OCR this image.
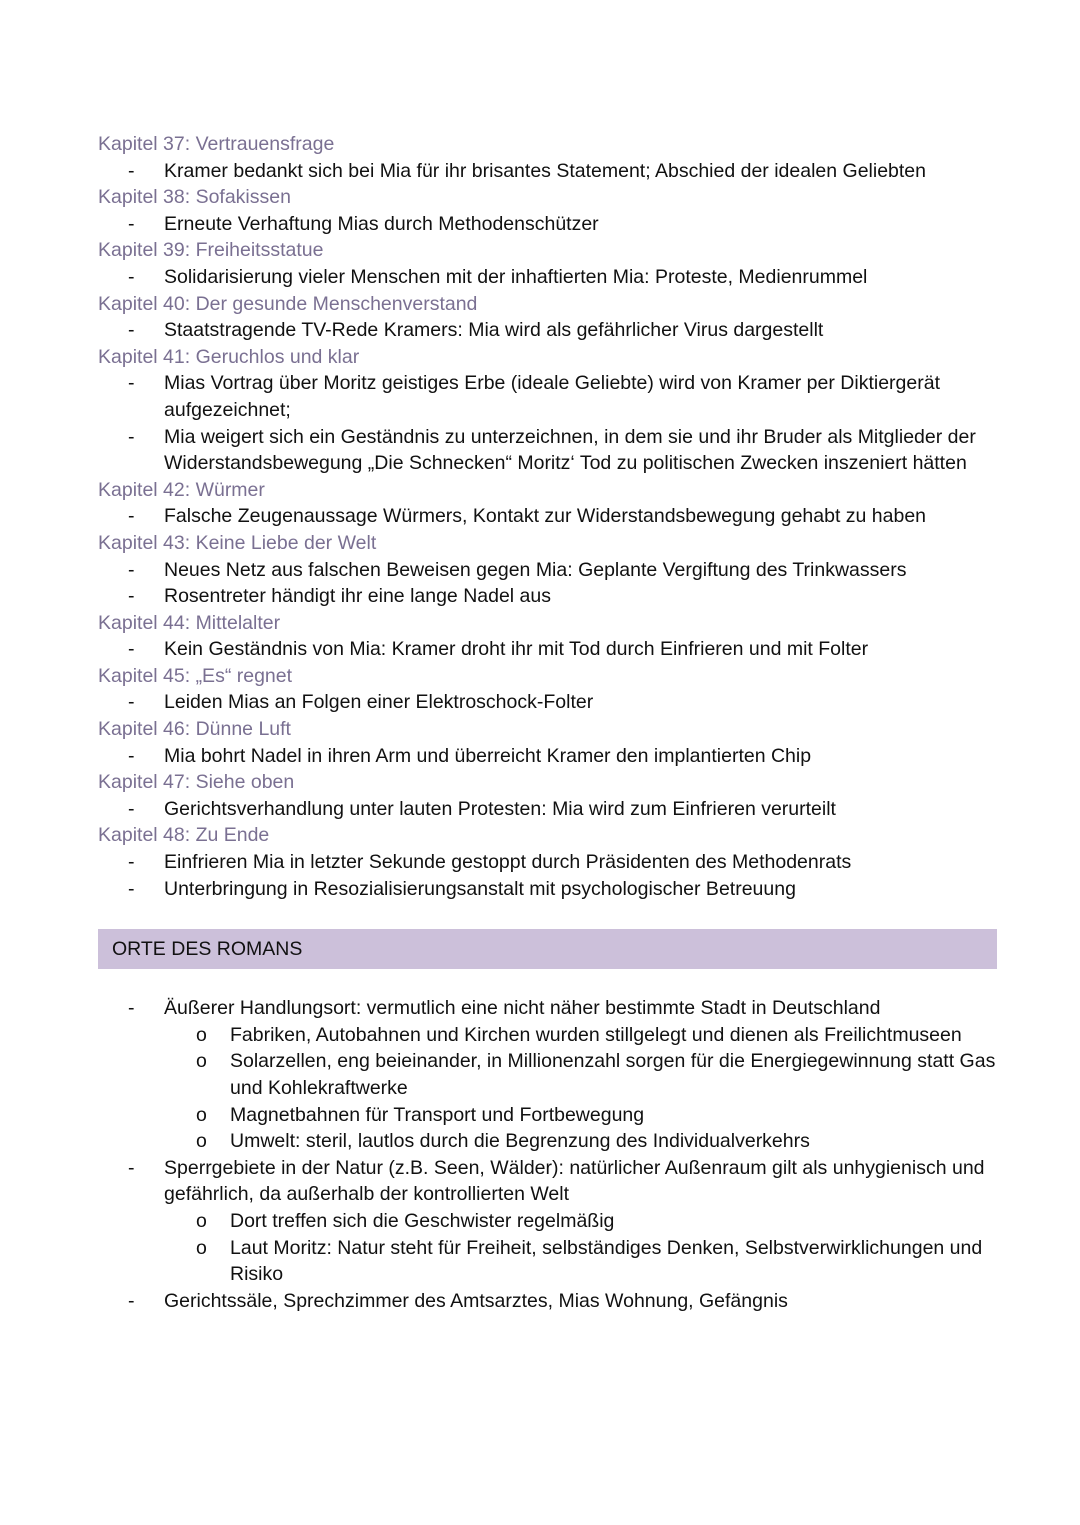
Kapitel 37: Vertrauensfrage
- Kramer bedankt sich bei Mia für ihr brisantes Statement; Abschied der idealen Geliebten
Kapitel 38: Sofakissen
- Erneute Verhaftung Mias durch Methodenschützer
Kapitel 39: Freiheitsstatue
- Solidarisierung vieler Menschen mit der inhaftierten Mia: Proteste, Medienrummel
Kapitel 40: Der gesunde Menschenverstand
- Staatstragende TV-Rede Kramers: Mia wird als gefährlicher Virus dargestellt
Kapitel 41: Geruchlos und klar
- Mias Vortrag über Moritz geistiges Erbe (ideale Geliebte) wird von Kramer per Diktiergerät aufgezeichnet;
- Mia weigert sich ein Geständnis zu unterzeichnen, in dem sie und ihr Bruder als Mitglieder der Widerstandsbewegung „Die Schnecken“ Moritz‘ Tod zu politischen Zwecken inszeniert hätten
Kapitel 42: Würmer
- Falsche Zeugenaussage Würmers, Kontakt zur Widerstandsbewegung gehabt zu haben
Kapitel 43: Keine Liebe der Welt
- Neues Netz aus falschen Beweisen gegen Mia: Geplante Vergiftung des Trinkwassers
- Rosentreter händigt ihr eine lange Nadel aus
Kapitel 44: Mittelalter
- Kein Geständnis von Mia: Kramer droht ihr mit Tod durch Einfrieren und mit Folter
Kapitel 45: „Es“ regnet
- Leiden Mias an Folgen einer Elektroschock-Folter
Kapitel 46: Dünne Luft
- Mia bohrt Nadel in ihren Arm und überreicht Kramer den implantierten Chip
Kapitel 47: Siehe oben
- Gerichtsverhandlung unter lauten Protesten: Mia wird zum Einfrieren verurteilt
Kapitel 48: Zu Ende
- Einfrieren Mia in letzter Sekunde gestoppt durch Präsidenten des Methodenrats
- Unterbringung in Resozialisierungsanstalt mit psychologischer Betreuung
ORTE DES ROMANS
- Äußerer Handlungsort: vermutlich eine nicht näher bestimmte Stadt in Deutschland
o Fabriken, Autobahnen und Kirchen wurden stillgelegt und dienen als Freilichtmuseen
o Solarzellen, eng beieinander, in Millionenzahl sorgen für die Energiegewinnung statt Gas und Kohlekraftwerke
o Magnetbahnen für Transport und Fortbewegung
o Umwelt: steril, lautlos durch die Begrenzung des Individualverkehrs
- Sperrgebiete in der Natur (z.B. Seen, Wälder): natürlicher Außenraum gilt als unhygienisch und gefährlich, da außerhalb der kontrollierten Welt
o Dort treffen sich die Geschwister regelmäßig
o Laut Moritz: Natur steht für Freiheit, selbständiges Denken, Selbstverwirklichungen und Risiko
- Gerichtssäle, Sprechzimmer des Amtsarztes, Mias Wohnung, Gefängnis
